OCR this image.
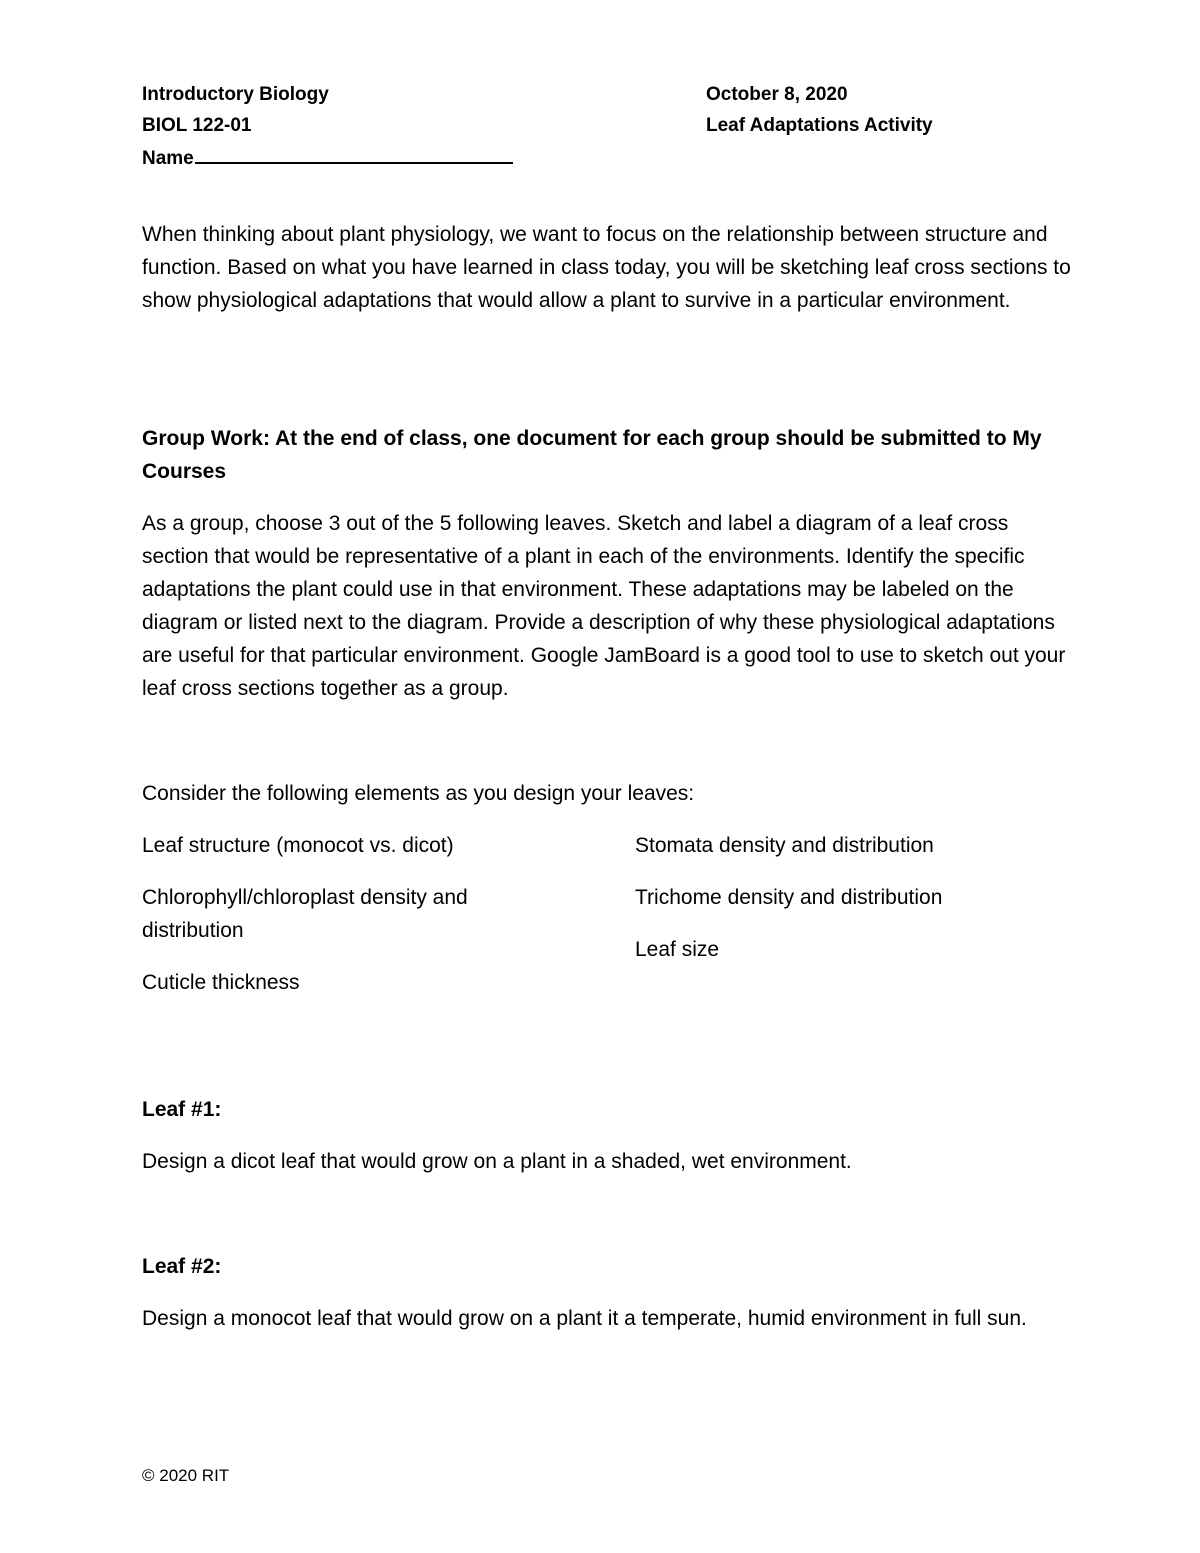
Introductory Biology
BIOL 122-01
Name
October 8, 2020
Leaf Adaptations Activity
When thinking about plant physiology, we want to focus on the relationship between structure and function. Based on what you have learned in class today, you will be sketching leaf cross sections to show physiological adaptations that would allow a plant to survive in a particular environment.
Group Work: At the end of class, one document for each group should be submitted to My Courses
As a group, choose 3 out of the 5 following leaves. Sketch and label a diagram of a leaf cross section that would be representative of a plant in each of the environments. Identify the specific adaptations the plant could use in that environment. These adaptations may be labeled on the diagram or listed next to the diagram. Provide a description of why these physiological adaptations are useful for that particular environment. Google JamBoard is a good tool to use to sketch out your leaf cross sections together as a group.
Consider the following elements as you design your leaves:
Leaf structure (monocot vs. dicot)
Chlorophyll/chloroplast density and distribution
Cuticle thickness
Stomata density and distribution
Trichome density and distribution
Leaf size
Leaf #1:
Design a dicot leaf that would grow on a plant in a shaded, wet environment.
Leaf #2:
Design a monocot leaf that would grow on a plant it a temperate, humid environment in full sun.
© 2020 RIT
